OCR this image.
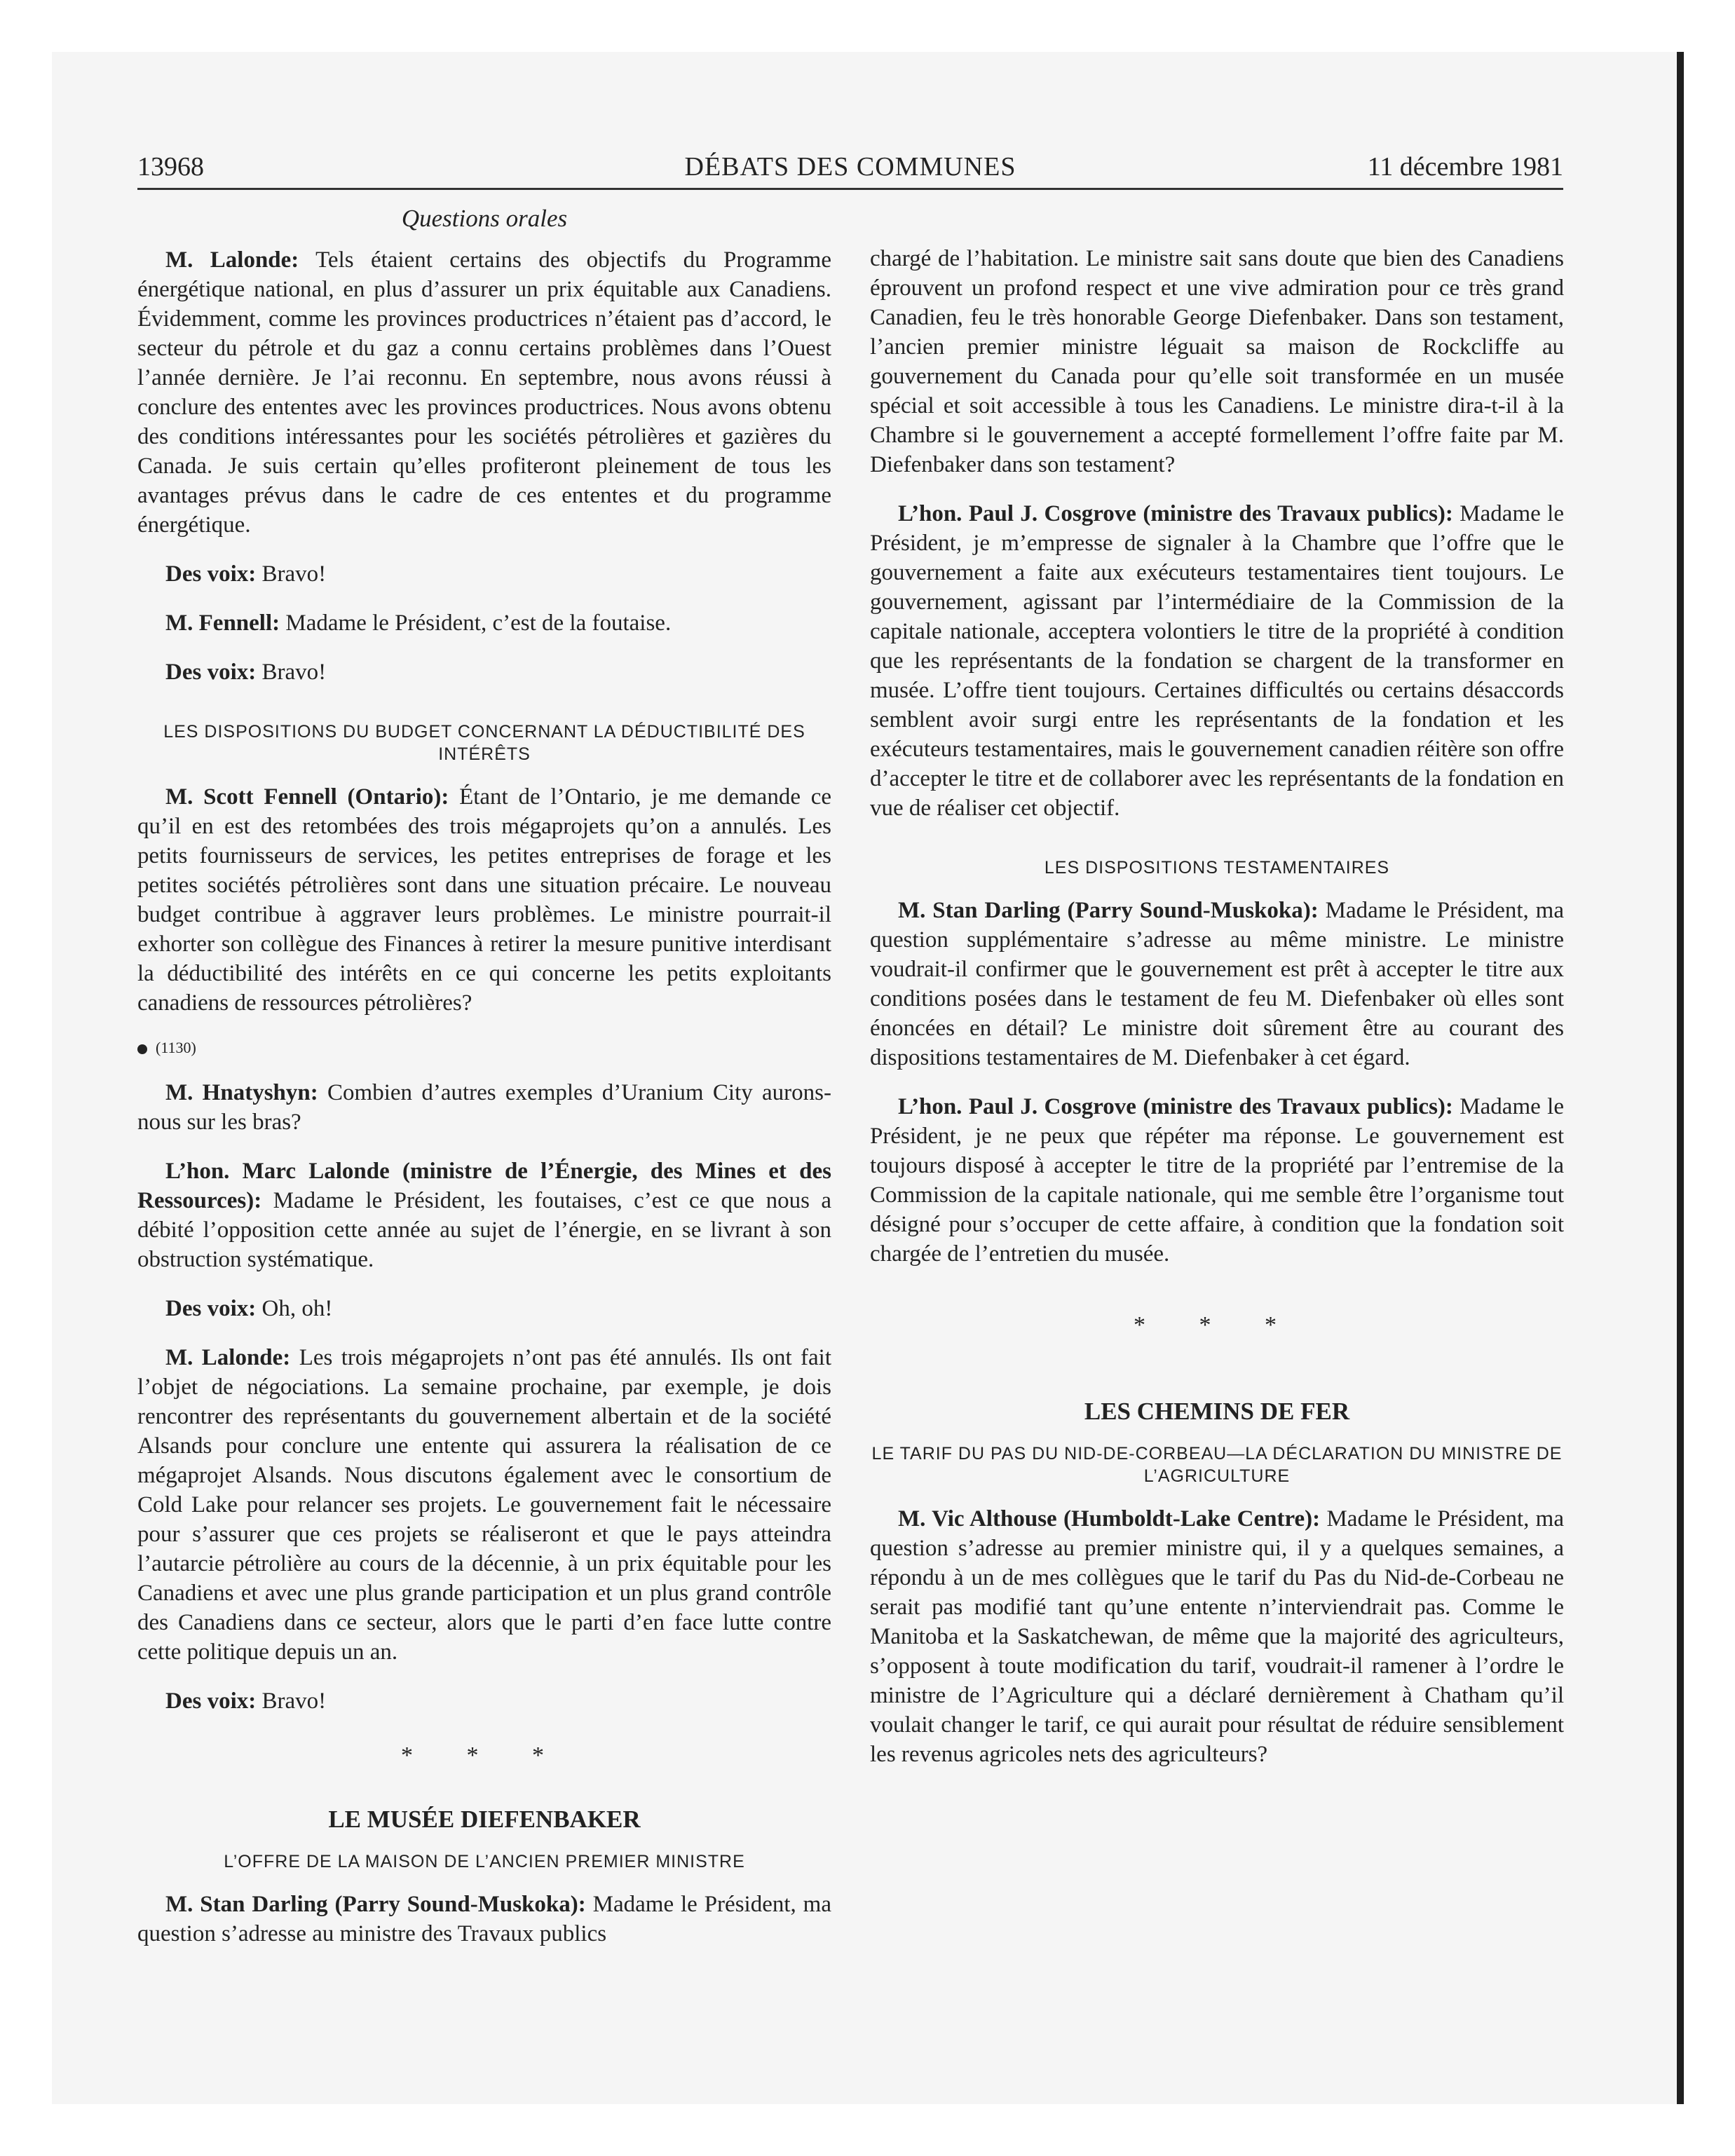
13968	DÉBATS DES COMMUNES	11 décembre 1981
Questions orales

M. Lalonde: Tels étaient certains des objectifs du Programme énergétique national, en plus d’assurer un prix équitable aux Canadiens. Évidemment, comme les provinces productrices n’étaient pas d’accord, le secteur du pétrole et du gaz a connu certains problèmes dans l’Ouest l’année dernière. Je l’ai reconnu. En septembre, nous avons réussi à conclure des ententes avec les provinces productrices. Nous avons obtenu des conditions intéressantes pour les sociétés pétrolières et gazières du Canada. Je suis certain qu’elles profiteront pleinement de tous les avantages prévus dans le cadre de ces ententes et du programme énergétique.

Des voix: Bravo!

M. Fennell: Madame le Président, c’est de la foutaise.

Des voix: Bravo!

LES DISPOSITIONS DU BUDGET CONCERNANT LA DÉDUCTIBILITÉ DES INTÉRÊTS

M. Scott Fennell (Ontario): Étant de l’Ontario, je me demande ce qu’il en est des retombées des trois mégaprojets qu’on a annulés. Les petits fournisseurs de services, les petites entreprises de forage et les petites sociétés pétrolières sont dans une situation précaire. Le nouveau budget contribue à aggraver leurs problèmes. Le ministre pourrait-il exhorter son collègue des Finances à retirer la mesure punitive interdisant la déductibilité des intérêts en ce qui concerne les petits exploitants canadiens de ressources pétrolières?

(1130)

M. Hnatyshyn: Combien d’autres exemples d’Uranium City aurons-nous sur les bras?

L’hon. Marc Lalonde (ministre de l’Énergie, des Mines et des Ressources): Madame le Président, les foutaises, c’est ce que nous a débité l’opposition cette année au sujet de l’énergie, en se livrant à son obstruction systématique.

Des voix: Oh, oh!

M. Lalonde: Les trois mégaprojets n’ont pas été annulés. Ils ont fait l’objet de négociations. La semaine prochaine, par exemple, je dois rencontrer des représentants du gouvernement albertain et de la société Alsands pour conclure une entente qui assurera la réalisation de ce mégaprojet Alsands. Nous discutons également avec le consortium de Cold Lake pour relancer ses projets. Le gouvernement fait le nécessaire pour s’assurer que ces projets se réaliseront et que le pays atteindra l’autarcie pétrolière au cours de la décennie, à un prix équitable pour les Canadiens et avec une plus grande participation et un plus grand contrôle des Canadiens dans ce secteur, alors que le parti d’en face lutte contre cette politique depuis un an.

Des voix: Bravo!

* * *
LE MUSÉE DIEFENBAKER
L’OFFRE DE LA MAISON DE L’ANCIEN PREMIER MINISTRE

M. Stan Darling (Parry Sound-Muskoka): Madame le Président, ma question s’adresse au ministre des Travaux publics

chargé de l’habitation. Le ministre sait sans doute que bien des Canadiens éprouvent un profond respect et une vive admiration pour ce très grand Canadien, feu le très honorable George Diefenbaker. Dans son testament, l’ancien premier ministre léguait sa maison de Rockcliffe au gouvernement du Canada pour qu’elle soit transformée en un musée spécial et soit accessible à tous les Canadiens. Le ministre dira-t-il à la Chambre si le gouvernement a accepté formellement l’offre faite par M. Diefenbaker dans son testament?

L’hon. Paul J. Cosgrove (ministre des Travaux publics): Madame le Président, je m’empresse de signaler à la Chambre que l’offre que le gouvernement a faite aux exécuteurs testamentaires tient toujours. Le gouvernement, agissant par l’intermédiaire de la Commission de la capitale nationale, acceptera volontiers le titre de la propriété à condition que les représentants de la fondation se chargent de la transformer en musée. L’offre tient toujours. Certaines difficultés ou certains désaccords semblent avoir surgi entre les représentants de la fondation et les exécuteurs testamentaires, mais le gouvernement canadien réitère son offre d’accepter le titre et de collaborer avec les représentants de la fondation en vue de réaliser cet objectif.

LES DISPOSITIONS TESTAMENTAIRES

M. Stan Darling (Parry Sound-Muskoka): Madame le Président, ma question supplémentaire s’adresse au même ministre. Le ministre voudrait-il confirmer que le gouvernement est prêt à accepter le titre aux conditions posées dans le testament de feu M. Diefenbaker où elles sont énoncées en détail? Le ministre doit sûrement être au courant des dispositions testamentaires de M. Diefenbaker à cet égard.

L’hon. Paul J. Cosgrove (ministre des Travaux publics): Madame le Président, je ne peux que répéter ma réponse. Le gouvernement est toujours disposé à accepter le titre de la propriété par l’entremise de la Commission de la capitale nationale, qui me semble être l’organisme tout désigné pour s’occuper de cette affaire, à condition que la fondation soit chargée de l’entretien du musée.

* * *
LES CHEMINS DE FER
LE TARIF DU PAS DU NID-DE-CORBEAU—LA DÉCLARATION DU MINISTRE DE L’AGRICULTURE

M. Vic Althouse (Humboldt-Lake Centre): Madame le Président, ma question s’adresse au premier ministre qui, il y a quelques semaines, a répondu à un de mes collègues que le tarif du Pas du Nid-de-Corbeau ne serait pas modifié tant qu’une entente n’interviendrait pas. Comme le Manitoba et la Saskatchewan, de même que la majorité des agriculteurs, s’opposent à toute modification du tarif, voudrait-il ramener à l’ordre le ministre de l’Agriculture qui a déclaré dernièrement à Chatham qu’il voulait changer le tarif, ce qui aurait pour résultat de réduire sensiblement les revenus agricoles nets des agriculteurs?
